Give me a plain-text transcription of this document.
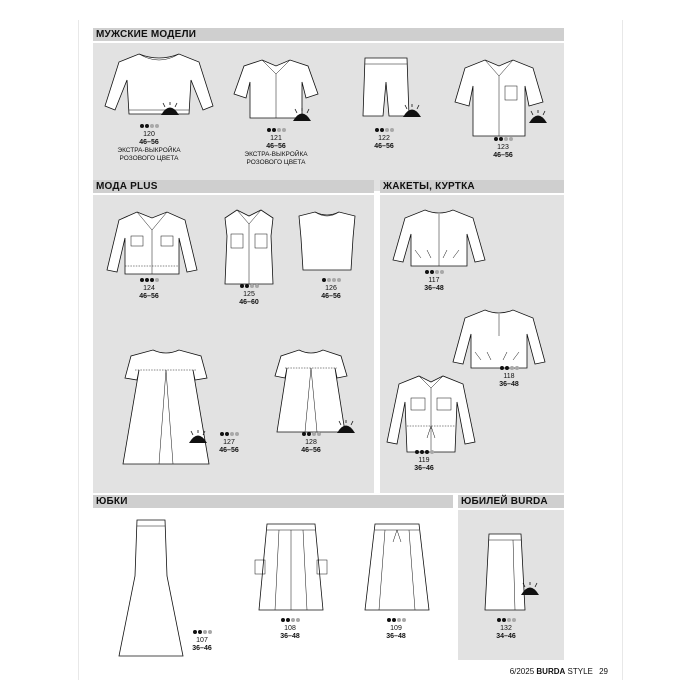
МУЖСКИЕ МОДЕЛИ
120
46–56
ЭКСТРА-ВЫКРОЙКА
РОЗОВОГО ЦВЕТА
121
46–56
ЭКСТРА-ВЫКРОЙКА
РОЗОВОГО ЦВЕТА
122
46–56	123
46–56
МОДА PLUS
124
46–56	125
46–60
126
46–56
127
46–56
128
46–56
ЖАКЕТЫ, КУРТКА
117
36–48
118
36–48
119
36–46
ЮБКИ
107
36–46
108
36–48
109
36–48
ЮБИЛЕЙ BURDA
132
34–46
6/2025 BURDA STYLE 29
